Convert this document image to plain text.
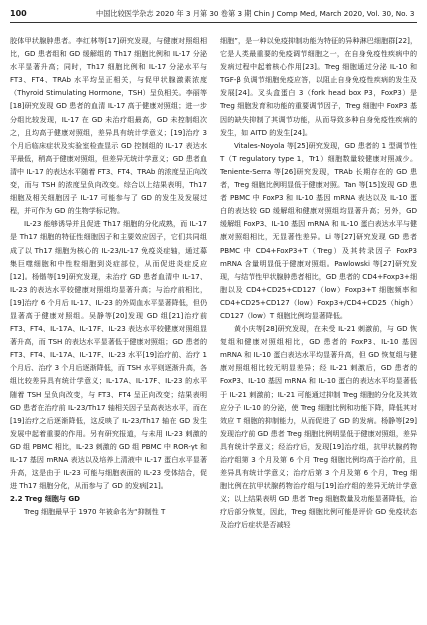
100	中国比较医学杂志 2020 年 3 月第 30 卷第 3 期 Chin J Comp Med, March 2020, Vol. 30, No. 3

胶体甲状腺肿患者。李红林等[17]研究发现，与健康对照组相比，GD 患者组和 GD 缓解组的 Th17 细胞比例和 IL-17 分泌水平显著升高；同时，Th17 细胞比例和 IL-17 分泌水平与 FT3、FT4、TRAb 水平均呈正相关，与促甲状腺激素浓度（Thyroid Stimulating Hormone，TSH）呈负相关。李丽等[18]研究发现 GD 患者的血清 IL-17 高于健康对照组；进一步分组比较发现，IL-17 在 GD 未治疗组最高，GD 未控制组次之，且均高于健康对照组，差异具有统计学意义；[19]治疗 3 个月后临床症状及实验室检查显示 GD 控制组的 IL-17 表达水平最低，稍高于健康对照组，但差异无统计学意义；GD 患者血清中 IL-17 的表达水平随着 FT3、FT4、TRAb 的浓度呈正向改变，而与 TSH 的浓度呈负向改变。综合以上结果表明，Th17 细胞及相关细胞因子 IL-17 可能参与了 GD 的发生及发展过程，并可作为 GD 的生物学标记物。

IL-23 能够诱导并且促进 Th17 细胞的分化成熟，而 IL-17 是 Th17 细胞的特征性细胞因子和主要效应因子，它们共同组成了以 Th17 细胞为核心的 IL-23/IL-17 免疫炎症轴，通过募集巨噬细胞和中性粒细胞到炎症部位，从而促进炎症反应[12]。杨锴等[19]研究发现，未治疗 GD 患者血清中 IL-17、IL-23 的表达水平较健康对照组均显著升高；与治疗前相比，[19]治疗 6 个月后 IL-17、IL-23 的外周血水平显著降低，但仍显著高于健康对照组。吴静等[20]发现 GD 组[21]治疗前 FT3、FT4、IL-17A、IL-17F、IL-23 表达水平较健康对照组显著升高，而 TSH 的表达水平显著低于健康对照组；GD 患者的 FT3、FT4、IL-17A、IL-17F、IL-23 水平[19]治疗前、治疗 1 个月后、治疗 3 个月后逐渐降低，而 TSH 水平则逐渐升高，各组比较差异具有统计学意义；IL-17A、IL-17F、IL-23 的水平随着 TSH 呈负向改变，与 FT3、FT4 呈正向改变；结果表明 GD 患者在治疗前 IL-23/Th17 轴相关因子呈高表达水平，而在[19]治疗之后逐渐降低，这反映了 IL-23/Th17 轴在 GD 发生发展中起着重要的作用。另有研究报道，与未用 IL-23 刺激的 GD 组 PBMC 相比，IL-23 刺激的 GD 组 PBMC 中 ROR-γt 和 IL-17 基因 mRNA 表达以及培养上清液中 IL-17 蛋白水平显著升高，这是由于 IL-23 可能与细胞表面的 IL-23 受体结合，促进 Th17 细胞分化，从而参与了 GD 的发病[21]。

2.2 Treg 细胞与 GD

Treg 细胞最早于 1970 年被命名为“抑制性 T

细胞”，是一种以免疫抑制功能为特征的异种淋巴细胞群[22]，它是人类最重要的免疫调节细胞之一，在自身免疫性疾病中的发病过程中起着核心作用[23]。Treg 细胞通过分泌 IL-10 和 TGF-β 负调节细胞免疫应答，以阻止自身免疫性疾病的发生及发展[24]。叉头盒蛋白 3（fork head box P3，FoxP3）是 Treg 细胞发育和功能的重要调节因子，Treg 细胞中 FoxP3 基因的缺失抑制了其调节功能，从而导致多种自身免疫性疾病的发生，如 AITD 的发生[24]。

Vitales-Noyola 等[25]研究发现，GD 患者的 1 型调节性 T（T regulatory type 1，Tr1）细胞数量较健康对照减少。Teniente-Serra 等[26]研究发现，TRAb 长期存在的 GD 患者，Treg 细胞比例明显低于健康对照。Tan 等[15]发现 GD 患者 PBMC 中 FoxP3 和 IL-10 基因 mRNA 表达以及 IL-10 蛋白的表达较 GD 缓解组和健康对照组均显著升高；另外，GD 缓解组 FoxP3、IL-10 基因 mRNA 和 IL-10 蛋白表达水平与健康对照组相比，无显著性差异。Li 等[27]研究发现 GD 患者 PBMC 中 CD4+FoxP3+T（Treg）及其转录因子 FoxP3 mRNA 含量明显低于健康对照组。Pawlowski 等[27]研究发现，与结节性甲状腺肿患者相比，GD 患者的 CD4+Foxp3+细胞以及 CD4+CD25+CD127（low）Foxp3+T 细胞频率和 CD4+CD25+CD127（low）Foxp3+/CD4+CD25（high）CD127（low）T 细胞比例均显著降低。

黄小庆等[28]研究发现，在未受 IL-21 刺激前，与 GD 恢复组和健康对照组相比，GD 患者的 FoxP3、IL-10 基因 mRNA 和 IL-10 蛋白表达水平均显著升高，但 GD 恢复组与健康对照组相比较无明显差异；经 IL-21 刺激后，GD 患者的 FoxP3、IL-10 基因 mRNA 和 IL-10 蛋白的表达水平均显著低于 IL-21 刺激前；IL-21 可能通过抑制 Treg 细胞的分化及其效应分子 IL-10 的分泌，使 Treg 细胞比例和功能下降，降低其对效应 T 细胞的抑制能力，从而促进了 GD 的发病。杨静等[29]发现治疗前 GD 患者 Treg 细胞比例明显低于健康对照组，差异具有统计学意义；经治疗后，发现[19]治疗组，抗甲状腺药物治疗组第 3 个月及第 6 个月 Treg 细胞比例均高于治疗前，且差异具有统计学意义；治疗后第 3 个月及第 6 个月，Treg 细胞比例在抗甲状腺药物治疗组与[19]治疗组的差异无统计学意义；以上结果表明 GD 患者 Treg 细胞数量及功能显著降低，治疗后部分恢复，因此，Treg 细胞比例可能是评价 GD 免疫状态及治疗后症状是否减轻
